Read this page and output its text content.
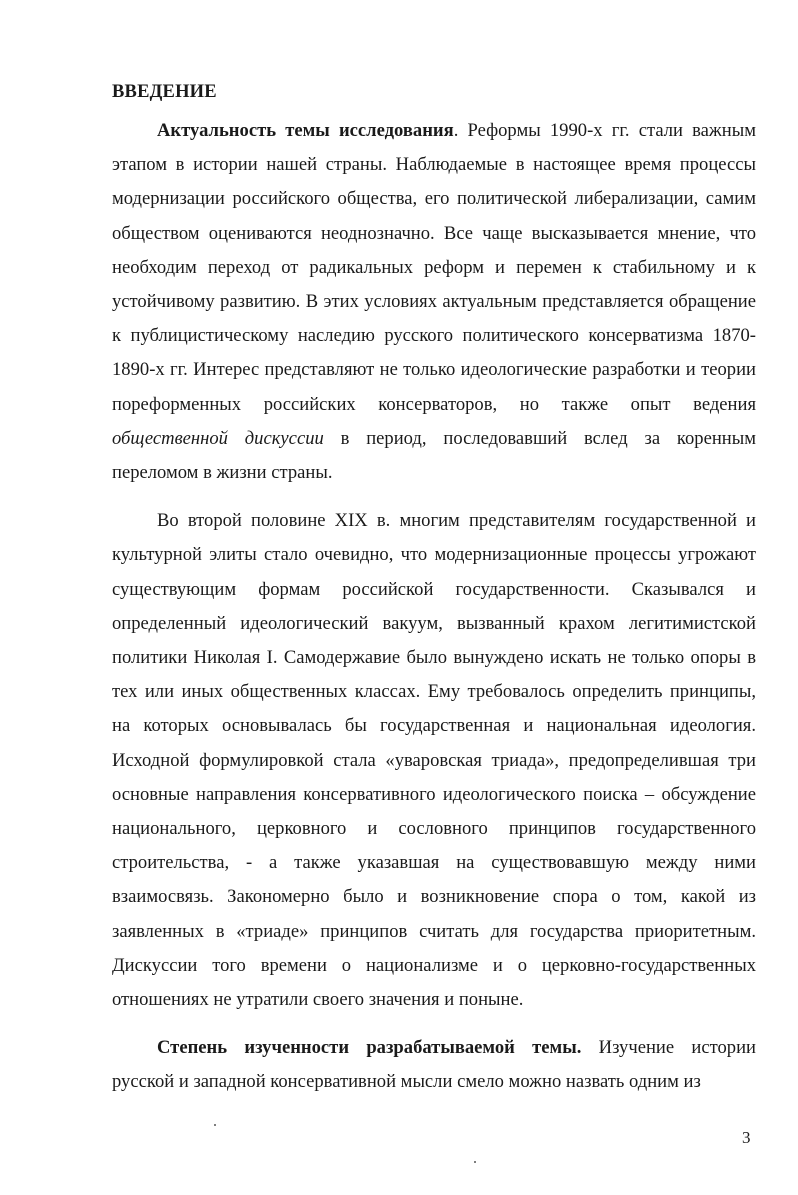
ВВЕДЕНИЕ

Актуальность темы исследования. Реформы 1990-х гг. стали важным этапом в истории нашей страны. Наблюдаемые в настоящее время процессы модернизации российского общества, его политической либерализации, самим обществом оцениваются неоднозначно. Все чаще высказывается мнение, что необходим переход от радикальных реформ и перемен к стабильному и к устойчивому развитию. В этих условиях актуальным представляется обращение к публицистическому наследию русского политического консерватизма 1870-1890-х гг. Интерес представляют не только идеологические разработки и теории пореформенных российских консерваторов, но также опыт ведения общественной дискуссии в период, последовавший вслед за коренным переломом в жизни страны.

Во второй половине XIX в. многим представителям государственной и культурной элиты стало очевидно, что модернизационные процессы угрожают существующим формам российской государственности. Сказывался и определенный идеологический вакуум, вызванный крахом легитимистской политики Николая I. Самодержавие было вынуждено искать не только опоры в тех или иных общественных классах. Ему требовалось определить принципы, на которых основывалась бы государственная и национальная идеология. Исходной формулировкой стала «уваровская триада», предопределившая три основные направления консервативного идеологического поиска – обсуждение национального, церковного и сословного принципов государственного строительства, - а также указавшая на существовавшую между ними взаимосвязь. Закономерно было и возникновение спора о том, какой из заявленных в «триаде» принципов считать для государства приоритетным. Дискуссии того времени о национализме и о церковно-государственных отношениях не утратили своего значения и поныне.

Степень изученности разрабатываемой темы. Изучение истории русской и западной консервативной мысли смело можно назвать одним из

3
